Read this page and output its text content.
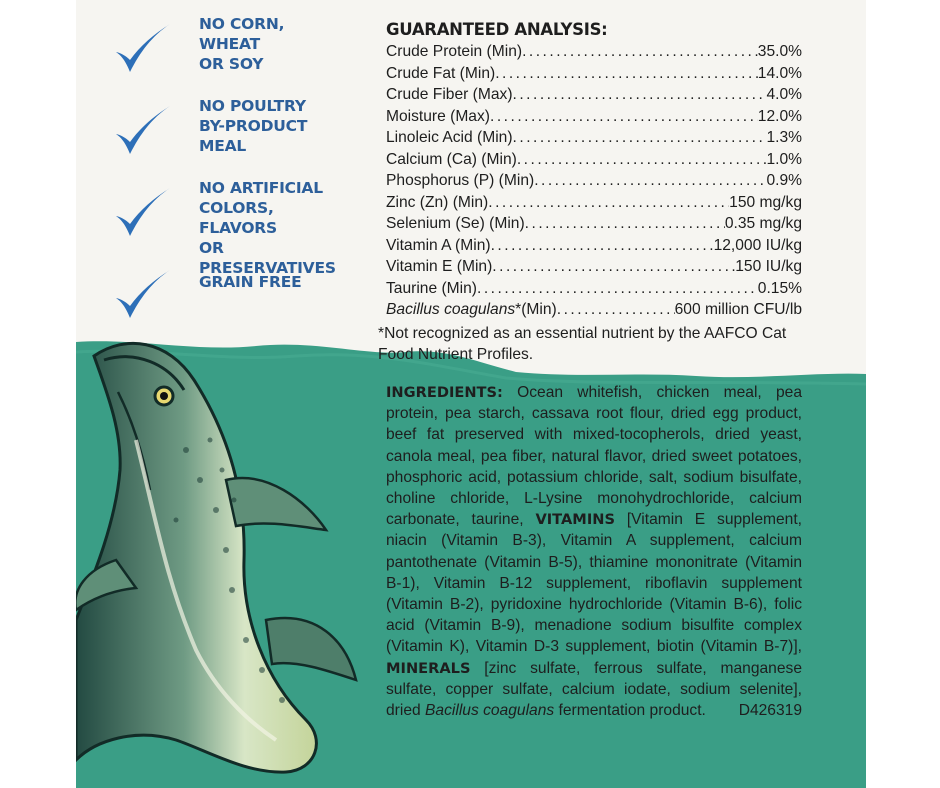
NO CORN,
WHEAT
OR SOY
NO POULTRY
BY-PRODUCT
MEAL
NO ARTIFICIAL
COLORS, FLAVORS
OR PRESERVATIVES
GRAIN FREE
GUARANTEED ANALYSIS:
Crude Protein (Min) .....	35.0%
Crude Fat (Min) .....	14.0%
Crude Fiber (Max) .....	4.0%
Moisture (Max) .....	12.0%
Linoleic Acid (Min) .....	1.3%
Calcium (Ca) (Min) .....	1.0%
Phosphorus (P) (Min) .....	0.9%
Zinc (Zn) (Min) .....	150 mg/kg
Selenium (Se) (Min) .....	0.35 mg/kg
Vitamin A (Min) .....	12,000 IU/kg
Vitamin E (Min) .....	150 IU/kg
Taurine (Min) .....	0.15%
Bacillus coagulans*(Min) .....	600 million CFU/lb
*Not recognized as an essential nutrient by the AAFCO Cat Food Nutrient Profiles.
INGREDIENTS: Ocean whitefish, chicken meal, pea protein, pea starch, cassava root flour, dried egg product, beef fat preserved with mixed-tocopherols, dried yeast, canola meal, pea fiber, natural flavor, dried sweet potatoes, phosphoric acid, potassium chloride, salt, sodium bisulfate, choline chloride, L-Lysine monohydrochloride, calcium carbonate, taurine, VITAMINS [Vitamin E supplement, niacin (Vitamin B-3), Vitamin A supplement, calcium pantothenate (Vitamin B-5), thiamine mononitrate (Vitamin B-1), Vitamin B-12 supplement, riboflavin supplement (Vitamin B-2), pyridoxine hydrochloride (Vitamin B-6), folic acid (Vitamin B-9), menadione sodium bisulfite complex (Vitamin K), Vitamin D-3 supplement, biotin (Vitamin B-7)], MINERALS [zinc sulfate, ferrous sulfate, manganese sulfate, copper sulfate, calcium iodate, sodium selenite], dried Bacillus coagulans fermentation product. D426319
